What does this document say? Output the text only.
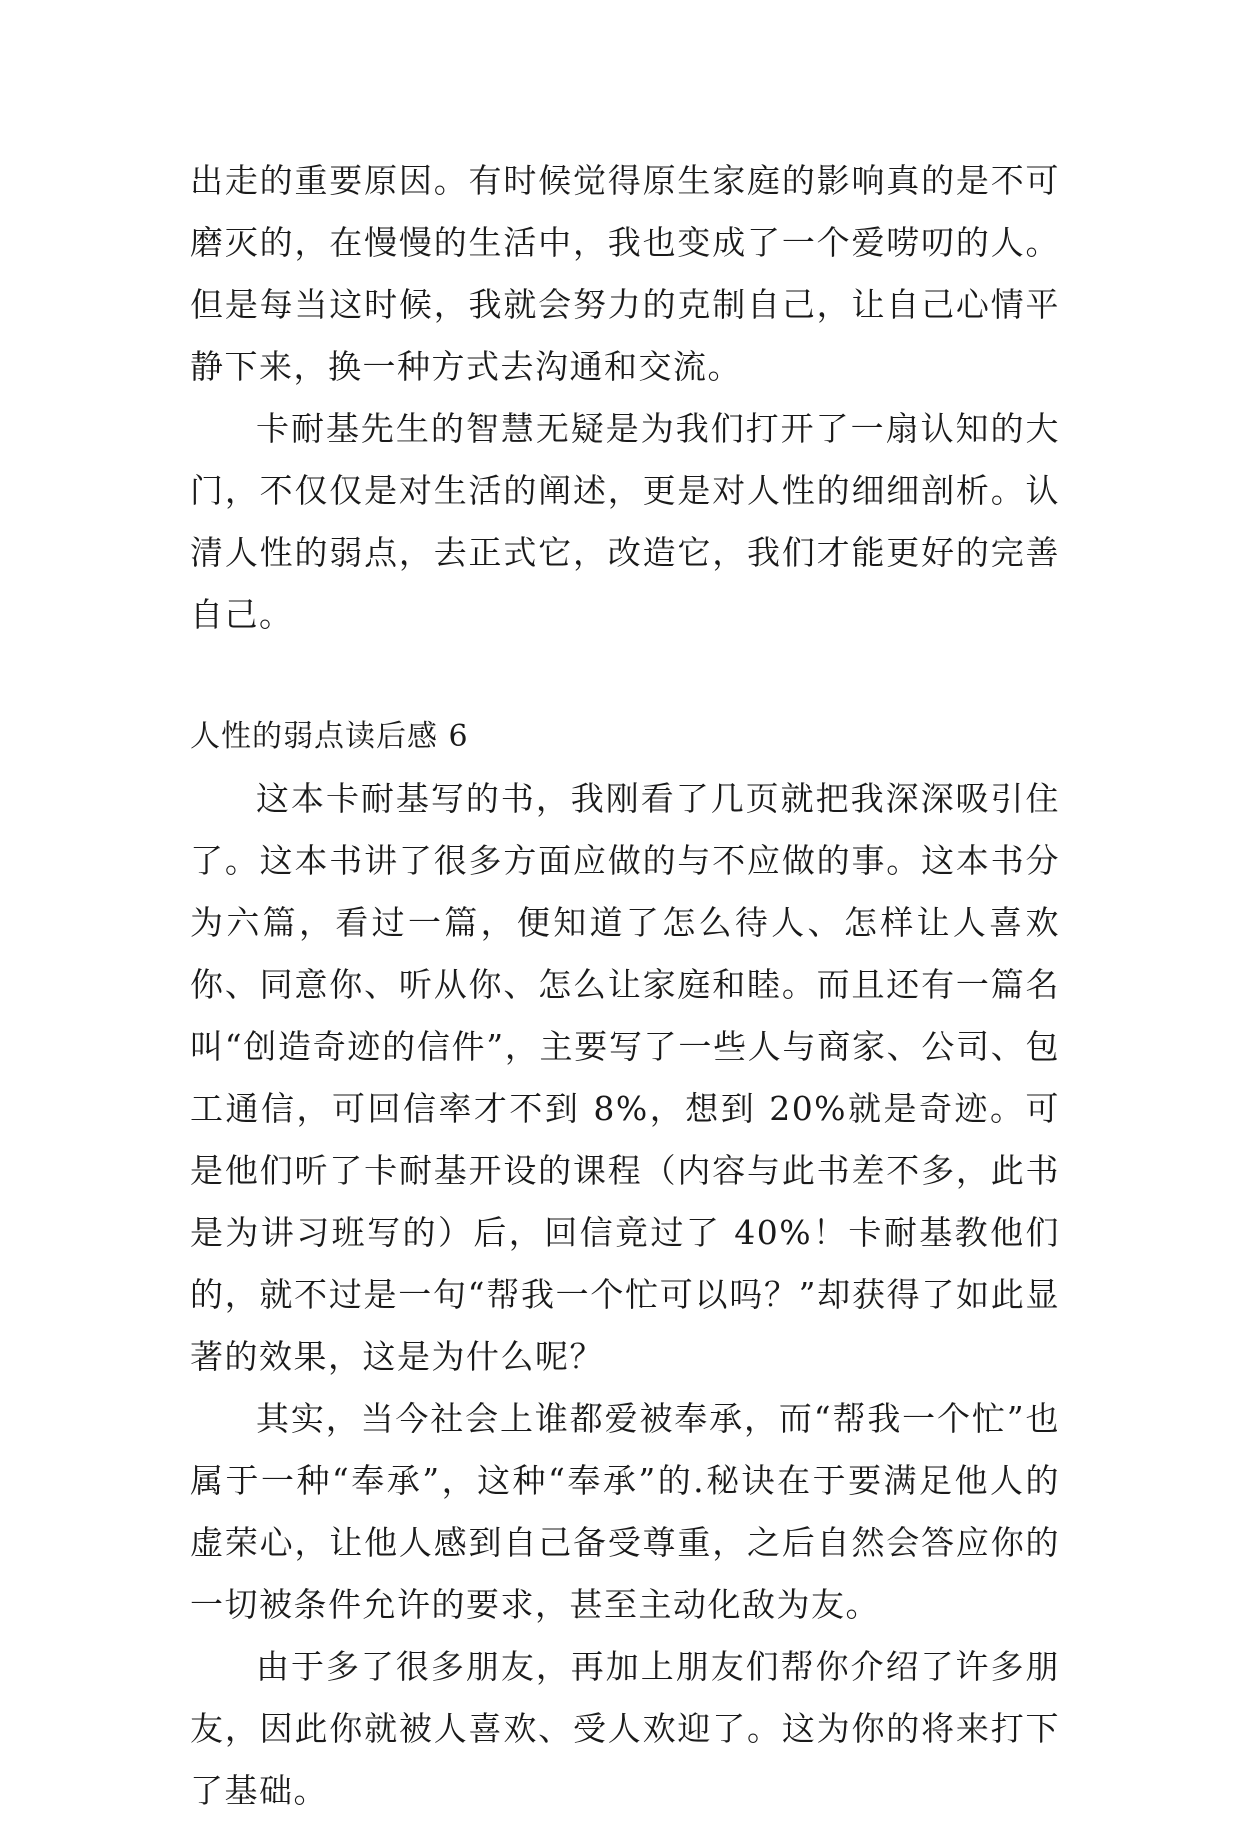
出走的重要原因。有时候觉得原生家庭的影响真的是不可磨灭的，在慢慢的生活中，我也变成了一个爱唠叨的人。但是每当这时候，我就会努力的克制自己，让自己心情平静下来，换一种方式去沟通和交流。

卡耐基先生的智慧无疑是为我们打开了一扇认知的大门，不仅仅是对生活的阐述，更是对人性的细细剖析。认清人性的弱点，去正式它，改造它，我们才能更好的完善自己。

人性的弱点读后感 6

这本卡耐基写的书，我刚看了几页就把我深深吸引住了。这本书讲了很多方面应做的与不应做的事。这本书分为六篇，看过一篇，便知道了怎么待人、怎样让人喜欢你、同意你、听从你、怎么让家庭和睦。而且还有一篇名叫“创造奇迹的信件”，主要写了一些人与商家、公司、包工通信，可回信率才不到 8%，想到 20%就是奇迹。可是他们听了卡耐基开设的课程（内容与此书差不多，此书是为讲习班写的）后，回信竟过了 40%！卡耐基教他们的，就不过是一句“帮我一个忙可以吗？”却获得了如此显著的效果，这是为什么呢？

其实，当今社会上谁都爱被奉承，而“帮我一个忙”也属于一种“奉承”，这种“奉承”的.秘诀在于要满足他人的虚荣心，让他人感到自己备受尊重，之后自然会答应你的一切被条件允许的要求，甚至主动化敌为友。

由于多了很多朋友，再加上朋友们帮你介绍了许多朋友，因此你就被人喜欢、受人欢迎了。这为你的将来打下了基础。
